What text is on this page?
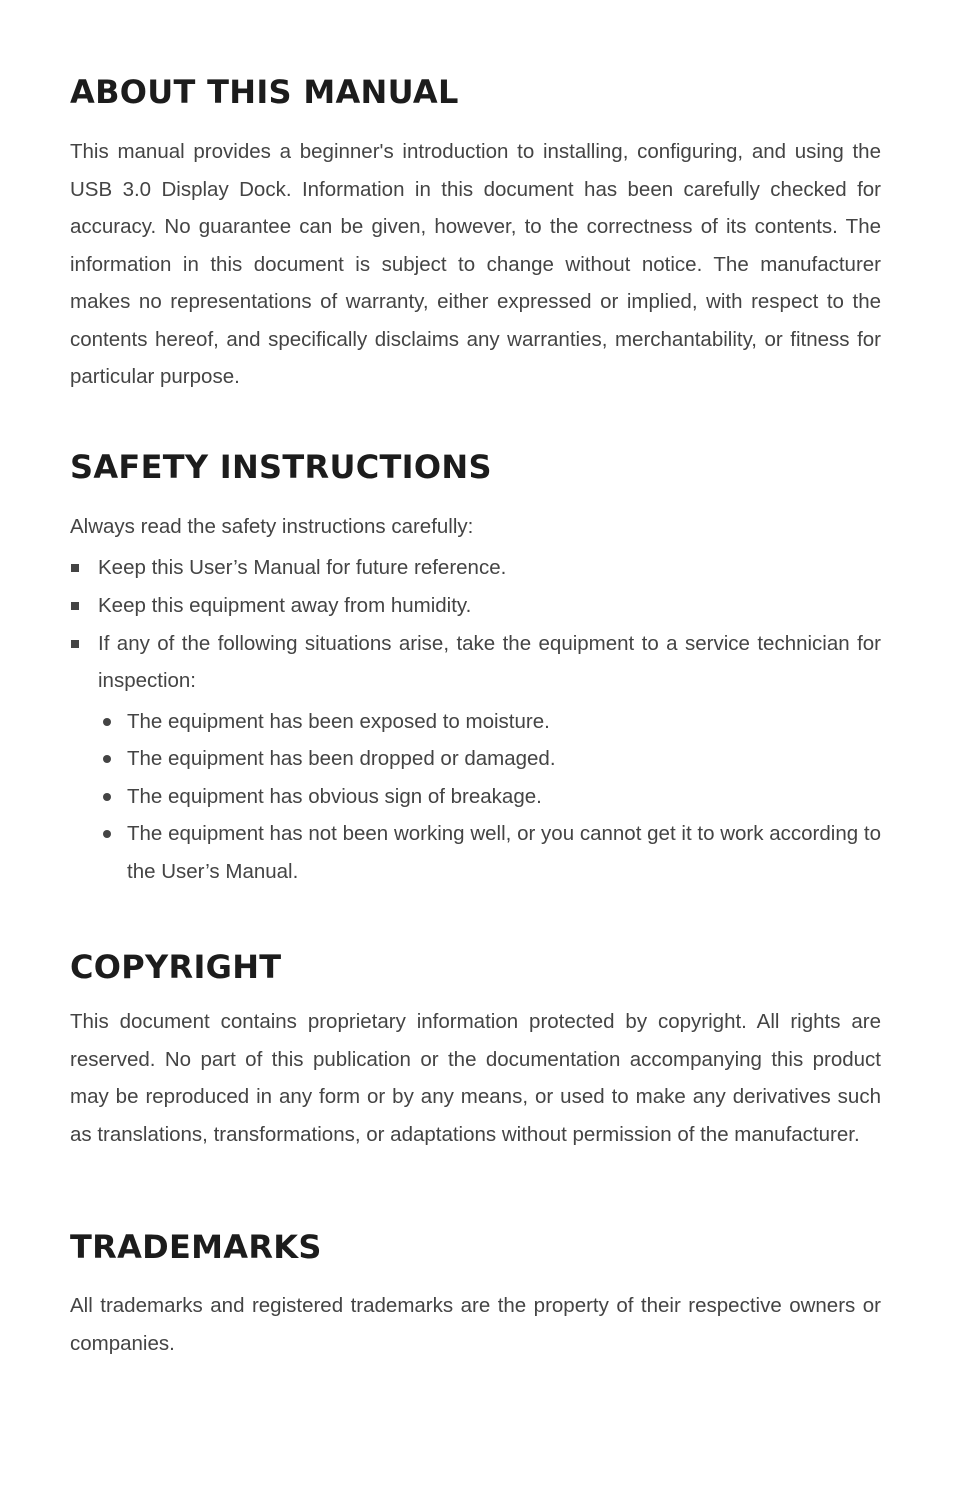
ABOUT THIS MANUAL

This manual provides a beginner's introduction to installing, configuring, and using the USB 3.0 Display Dock. Information in this document has been carefully checked for accuracy. No guarantee can be given, however, to the correctness of its contents. The information in this document is subject to change without notice. The manufacturer makes no representations of warranty, either expressed or implied, with respect to the contents hereof, and specifically disclaims any warranties, merchantability, or fitness for particular purpose.

SAFETY INSTRUCTIONS

Always read the safety instructions carefully:

Keep this User’s Manual for future reference.
Keep this equipment away from humidity.
If any of the following situations arise, take the equipment to a service technician for inspection:
The equipment has been exposed to moisture.
The equipment has been dropped or damaged.
The equipment has obvious sign of breakage.
The equipment has not been working well, or you cannot get it to work according to the User’s Manual.
COPYRIGHT

This document contains proprietary information protected by copyright. All rights are reserved. No part of this publication or the documentation accompanying this product may be reproduced in any form or by any means, or used to make any derivatives such as translations, transformations, or adaptations without permission of the manufacturer.

TRADEMARKS

All trademarks and registered trademarks are the property of their respective owners or companies.
